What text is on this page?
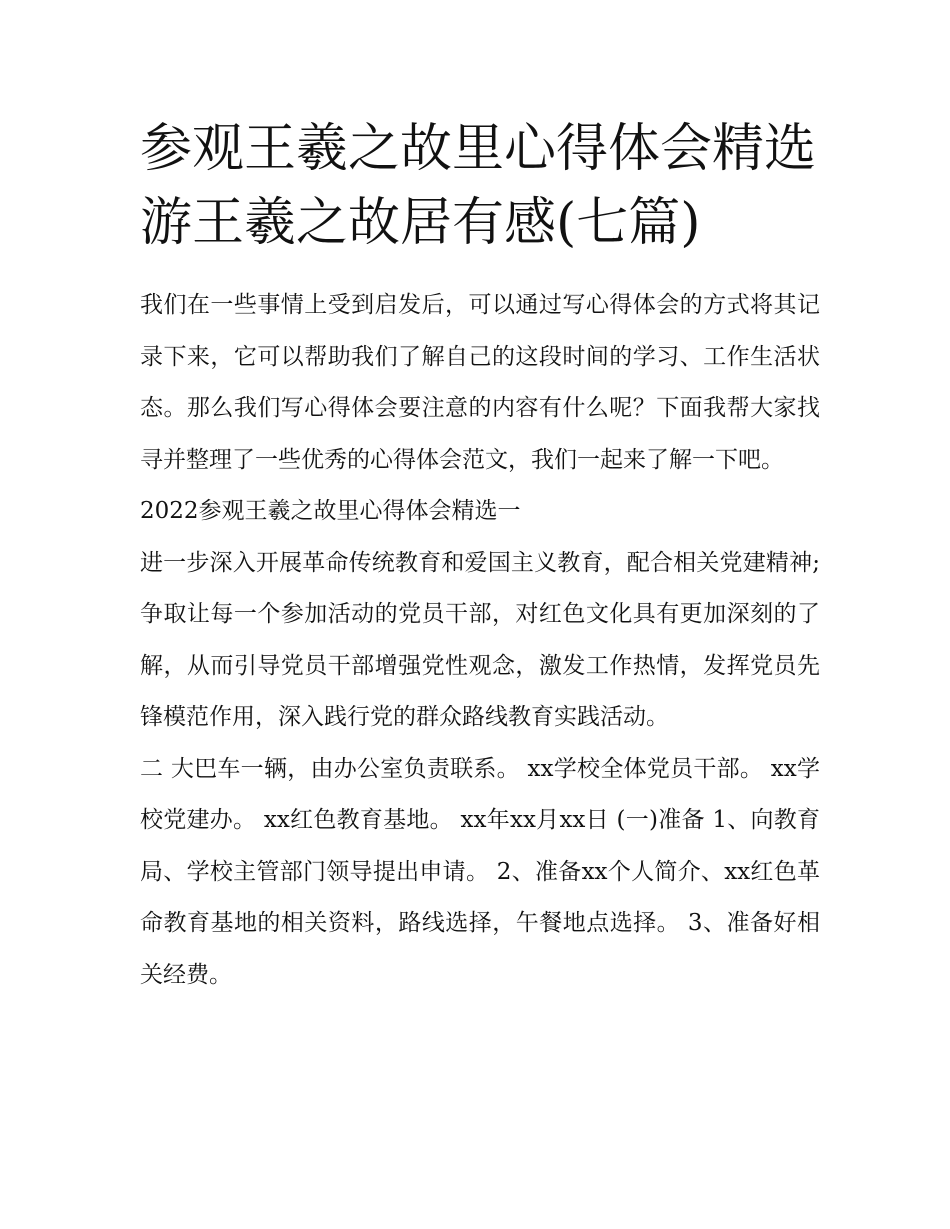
参观王羲之故里心得体会精选
游王羲之故居有感(七篇)

我们在一些事情上受到启发后，可以通过写心得体会的方式将其记录下来，它可以帮助我们了解自己的这段时间的学习、工作生活状态。那么我们写心得体会要注意的内容有什么呢？下面我帮大家找寻并整理了一些优秀的心得体会范文，我们一起来了解一下吧。

2022参观王羲之故里心得体会精选一

进一步深入开展革命传统教育和爱国主义教育，配合相关党建精神;争取让每一个参加活动的党员干部，对红色文化具有更加深刻的了解，从而引导党员干部增强党性观念，激发工作热情，发挥党员先锋模范作用，深入践行党的群众路线教育实践活动。

二 大巴车一辆，由办公室负责联系。 xx学校全体党员干部。 xx学校党建办。 xx红色教育基地。 xx年xx月xx日 (一)准备 1、向教育局、学校主管部门领导提出申请。 2、准备xx个人简介、xx红色革命教育基地的相关资料，路线选择，午餐地点选择。 3、准备好相关经费。
